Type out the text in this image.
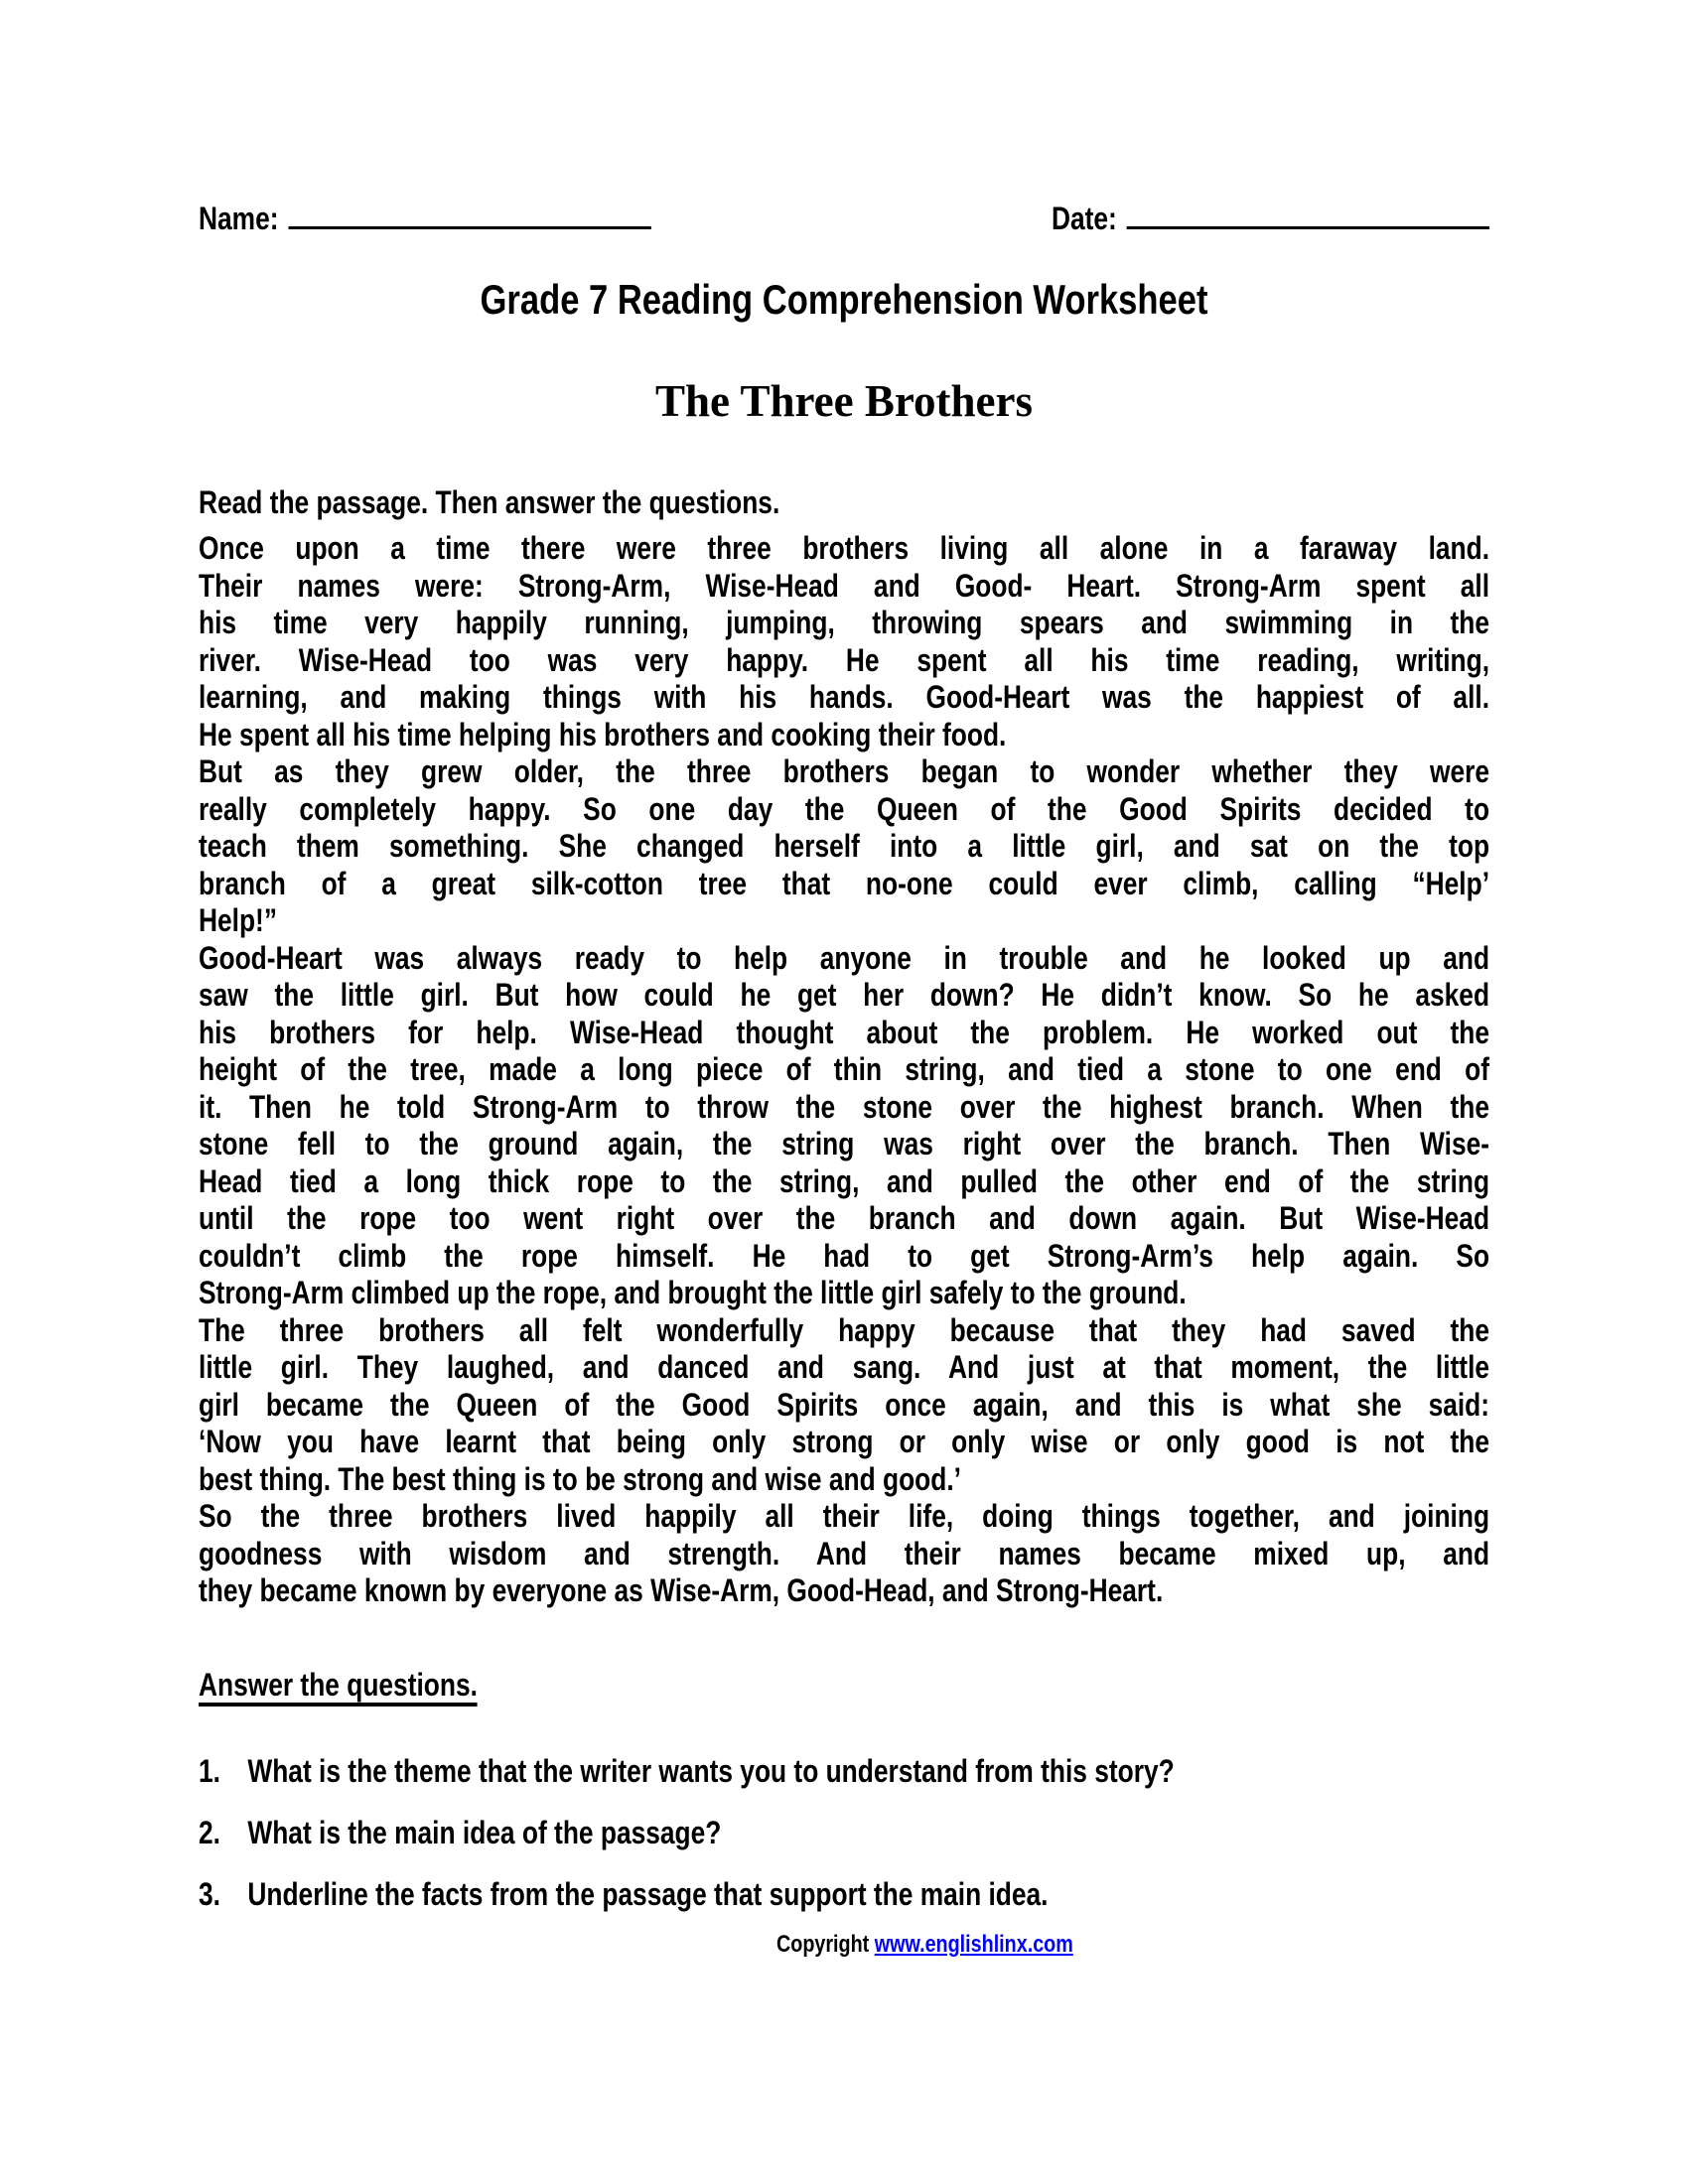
Name:	Date:
Grade 7 Reading Comprehension Worksheet
The Three Brothers
Read the passage. Then answer the questions.
Once upon a time there were three brothers living all alone in a faraway land.
Their names were: Strong-Arm, Wise-Head and Good- Heart. Strong-Arm spent all
his time very happily running, jumping, throwing spears and swimming in the
river. Wise-Head too was very happy. He spent all his time reading, writing,
learning, and making things with his hands. Good-Heart was the happiest of all.
He spent all his time helping his brothers and cooking their food.
But as they grew older, the three brothers began to wonder whether they were
really completely happy. So one day the Queen of the Good Spirits decided to
teach them something. She changed herself into a little girl, and sat on the top
branch of a great silk-cotton tree that no-one could ever climb, calling “Help’
Help!”
Good-Heart was always ready to help anyone in trouble and he looked up and
saw the little girl. But how could he get her down? He didn’t know. So he asked
his brothers for help. Wise-Head thought about the problem. He worked out the
height of the tree, made a long piece of thin string, and tied a stone to one end of
it. Then he told Strong-Arm to throw the stone over the highest branch. When the
stone fell to the ground again, the string was right over the branch. Then Wise-
Head tied a long thick rope to the string, and pulled the other end of the string
until the rope too went right over the branch and down again. But Wise-Head
couldn’t climb the rope himself. He had to get Strong-Arm’s help again. So
Strong-Arm climbed up the rope, and brought the little girl safely to the ground.
The three brothers all felt wonderfully happy because that they had saved the
little girl. They laughed, and danced and sang. And just at that moment, the little
girl became the Queen of the Good Spirits once again, and this is what she said:
‘Now you have learnt that being only strong or only wise or only good is not the
best thing. The best thing is to be strong and wise and good.’
So the three brothers lived happily all their life, doing things together, and joining
goodness with wisdom and strength. And their names became mixed up, and
they became known by everyone as Wise-Arm, Good-Head, and Strong-Heart.
Answer the questions.
1. What is the theme that the writer wants you to understand from this story?
2. What is the main idea of the passage?
3. Underline the facts from the passage that support the main idea.
Copyright www.englishlinx.com
